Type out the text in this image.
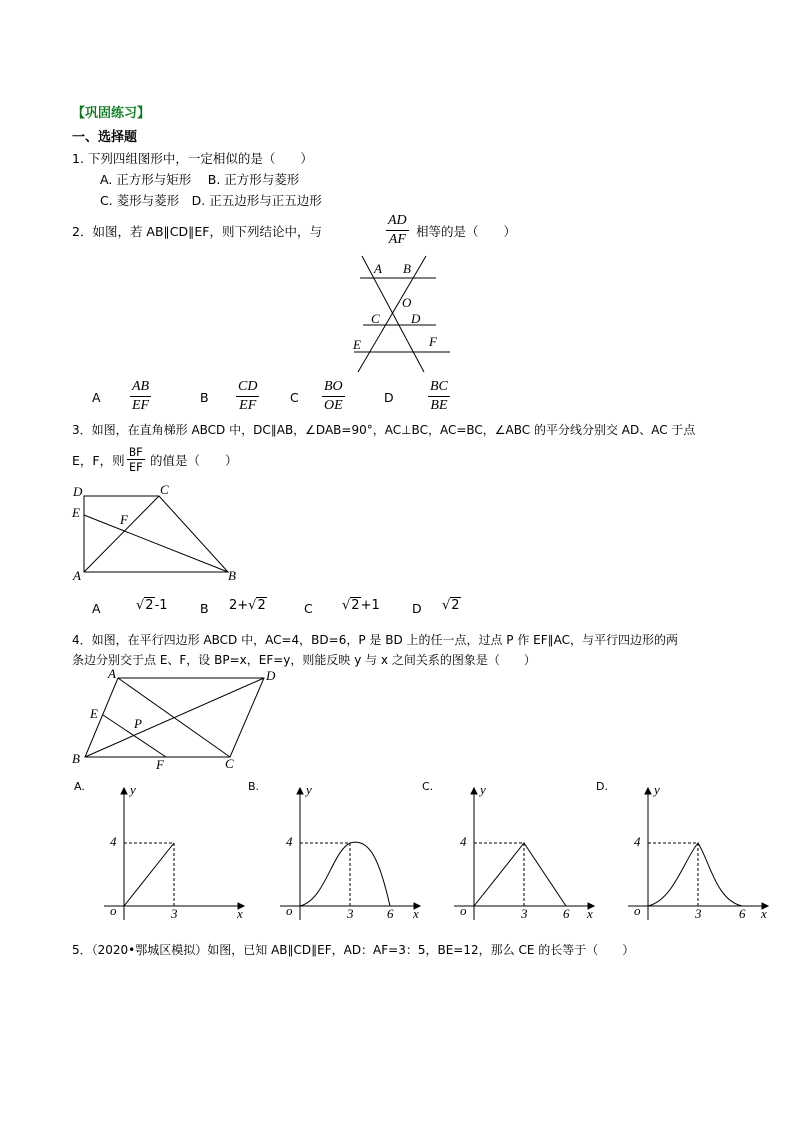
【巩固练习】
一、选择题
1. 下列四组图形中，一定相似的是（　　）
A. 正方形与矩形　 B. 正方形与菱形
C. 菱形与菱形　D. 正五边形与正五边形
2．如图，若 AB∥CD∥EF，则下列结论中，与	$\frac{AD}{AF}$ 相等的是（　　）
A B
O
C D
E	F
A $\frac{AB}{EF}$	B $\frac{CD}{EF}$ C $\frac{BO}{OE}$	D $\frac{BC}{BE}$
3．如图，在直角梯形 ABCD 中，DC∥AB，∠DAB=90°，AC⊥BC，AC=BC，∠ABC 的平分线分别交 AD、AC 于点
E，F，则 $\frac{BF}{EF}$ 的值是（　　）
D	C
E	F
A	B
A	√2-1	B 2+√2	C √2+1	D √2
4．如图，在平行四边形 ABCD 中，AC=4，BD=6，P 是 BD 上的任一点，过点 P 作 EF∥AC，与平行四边形的两
条边分别交于点 E、F，设 BP=x，EF=y，则能反映 y 与 x 之间关系的图象是（　　）
A	D
E
P
B	F	C
A.	y
x
o
4
3
B.	y
x
o
4
3	6
C.	y
x
o
4
3	6
D.	y
x
o
4
3	6
5．（2020•鄂城区模拟）如图，已知 AB∥CD∥EF，AD：AF=3：5，BE=12，那么 CE 的长等于（　　）
